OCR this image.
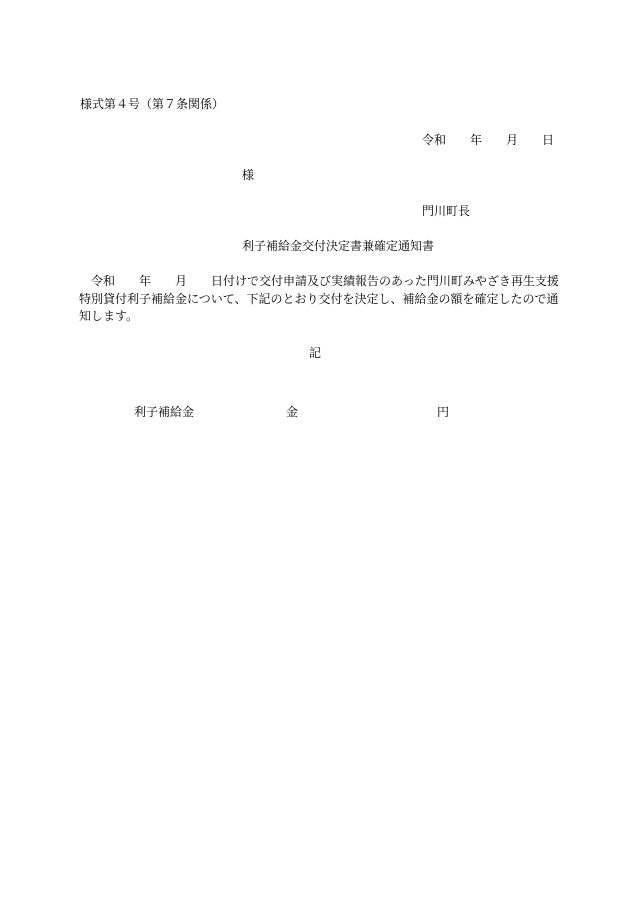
様式第４号（第７条関係）
令和　　年　　月　　日
様
門川町長
利子補給金交付決定書兼確定通知書
　令和　　年　　月　　日付けで交付申請及び実績報告のあった門川町みやざき再生支援
特別貸付利子補給金について、下記のとおり交付を決定し、補給金の額を確定したので通
知します。
記
利子補給金	金	円
